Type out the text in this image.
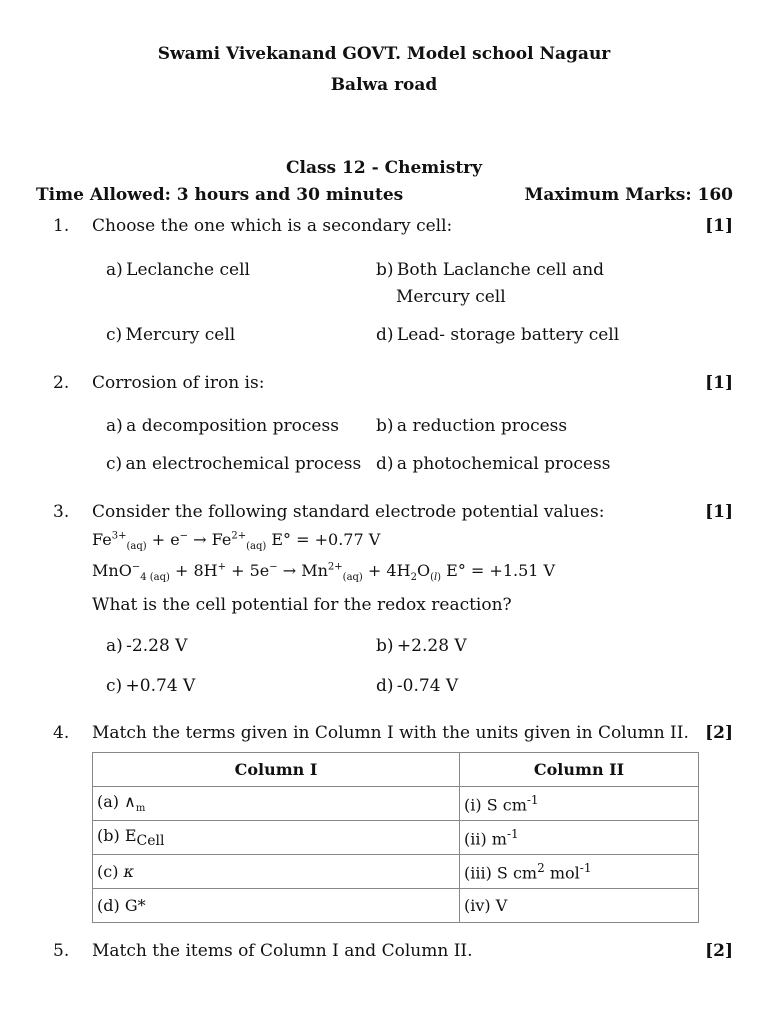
Swami Vivekanand GOVT. Model school Nagaur
Balwa road
Class 12 - Chemistry
Time Allowed: 3 hours and 30 minutes	Maximum Marks: 160
1. Choose the one which is a secondary cell:	[1]
a) Leclanche cell	b) Both Laclanche cell and
Mercury cell
c) Mercury cell	d) Lead- storage battery cell
2. Corrosion of iron is:	[1]
a) a decomposition process b) a reduction process
c) an electrochemical process d) a photochemical process
3. Consider the following standard electrode potential values:	[1]
$Fe^{3+}_{(aq)} + e^- \to Fe^{2+}_{(aq)}$ E° = +0.77 V
$MnO^-_{4 (aq)} + 8H^+ + 5e^- \to Mn^{2+}_{(aq)} + 4H_2O_{(l)}$ E° = +1.51 V
What is the cell potential for the redox reaction?
a) -2.28 V	b) +2.28 V
c) +0.74 V	d) -0.74 V
4. Match the terms given in Column I with the units given in Column II. [2]
Column I	Column II
(a) $\wedge_m$	(i) S $cm^{-1}$
(b) $E_{Cell}$	(ii) $m^{-1}$
(c) κ	(iii) S $cm^2$ mol$^{-1}$
(d) G*	(iv) V
5. Match the items of Column I and Column II.	[2]
